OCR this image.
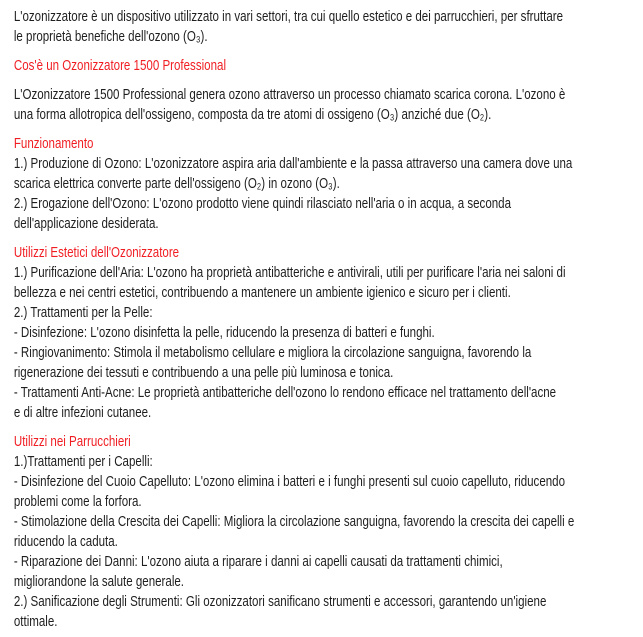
L'ozonizzatore è un dispositivo utilizzato in vari settori, tra cui quello estetico e dei parrucchieri, per sfruttare
le proprietà benefiche dell'ozono (O₃).
Cos'è un Ozonizzatore 1500 Professional
L'Ozonizzatore 1500 Professional genera ozono attraverso un processo chiamato scarica corona. L'ozono è
una forma allotropica dell'ossigeno, composta da tre atomi di ossigeno (O₃) anziché due (O₂).
Funzionamento
1.) Produzione di Ozono: L'ozonizzatore aspira aria dall'ambiente e la passa attraverso una camera dove una
scarica elettrica converte parte dell'ossigeno (O₂) in ozono (O₃).
2.) Erogazione dell'Ozono: L'ozono prodotto viene quindi rilasciato nell'aria o in acqua, a seconda
dell'applicazione desiderata.
Utilizzi Estetici dell'Ozonizzatore
1.) Purificazione dell'Aria: L'ozono ha proprietà antibatteriche e antivirali, utili per purificare l'aria nei saloni di
bellezza e nei centri estetici, contribuendo a mantenere un ambiente igienico e sicuro per i clienti.
2.) Trattamenti per la Pelle:
- Disinfezione: L'ozono disinfetta la pelle, riducendo la presenza di batteri e funghi.
- Ringiovanimento: Stimola il metabolismo cellulare e migliora la circolazione sanguigna, favorendo la
rigenerazione dei tessuti e contribuendo a una pelle più luminosa e tonica.
- Trattamenti Anti-Acne: Le proprietà antibatteriche dell'ozono lo rendono efficace nel trattamento dell'acne
e di altre infezioni cutanee.
Utilizzi nei Parrucchieri
1.)Trattamenti per i Capelli:
- Disinfezione del Cuoio Capelluto: L'ozono elimina i batteri e i funghi presenti sul cuoio capelluto, riducendo
problemi come la forfora.
- Stimolazione della Crescita dei Capelli: Migliora la circolazione sanguigna, favorendo la crescita dei capelli e
riducendo la caduta.
- Riparazione dei Danni: L'ozono aiuta a riparare i danni ai capelli causati da trattamenti chimici,
migliorandone la salute generale.
2.) Sanificazione degli Strumenti: Gli ozonizzatori sanificano strumenti e accessori, garantendo un'igiene
ottimale.
